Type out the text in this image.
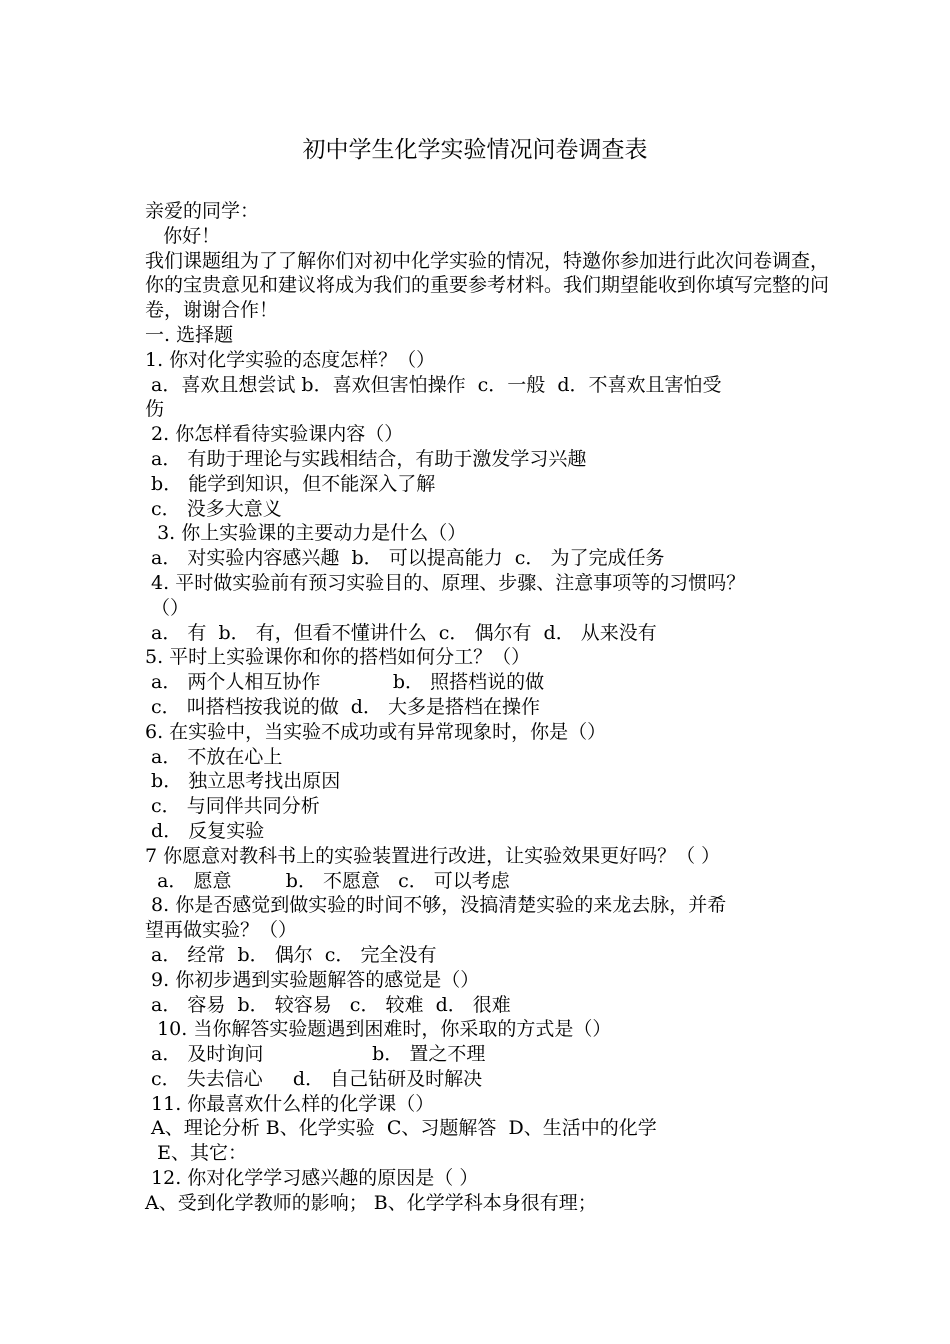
初中学生化学实验情况问卷调查表
亲爱的同学：
你好！
我们课题组为了了解你们对初中化学实验的情况，特邀你参加进行此次问卷调查，你的宝贵意见和建议将成为我们的重要参考材料。我们期望能收到你填写完整的问卷，谢谢合作！
一. 选择题
1. 你对化学实验的态度怎样？（）
a．喜欢且想尝试 b．喜欢但害怕操作  c．一般  d．不喜欢且害怕受
伤
2. 你怎样看待实验课内容（）
a． 有助于理论与实践相结合，有助于激发学习兴趣
b． 能学到知识，但不能深入了解
c． 没多大意义
3. 你上实验课的主要动力是什么（）
a． 对实验内容感兴趣  b． 可以提高能力  c． 为了完成任务
4. 平时做实验前有预习实验目的、原理、步骤、注意事项等的习惯吗？
（）
a． 有  b． 有，但看不懂讲什么  c． 偶尔有  d． 从来没有
5. 平时上实验课你和你的搭档如何分工？（）
a． 两个人相互协作            b． 照搭档说的做
c． 叫搭档按我说的做  d． 大多是搭档在操作
6. 在实验中，当实验不成功或有异常现象时，你是（）
a． 不放在心上
b． 独立思考找出原因
c． 与同伴共同分析
d． 反复实验
7 你愿意对教科书上的实验装置进行改进，让实验效果更好吗？（ ）
a． 愿意         b． 不愿意   c． 可以考虑
8. 你是否感觉到做实验的时间不够，没搞清楚实验的来龙去脉，并希
望再做实验？（）
a． 经常  b． 偶尔  c． 完全没有
9. 你初步遇到实验题解答的感觉是（）
a． 容易  b． 较容易   c． 较难  d． 很难
10. 当你解答实验题遇到困难时，你采取的方式是（）
a． 及时询问                  b． 置之不理
c． 失去信心     d． 自己钻研及时解决
11. 你最喜欢什么样的化学课（）
A、理论分析 B、化学实验  C、习题解答  D、生活中的化学
E、其它：
12. 你对化学学习感兴趣的原因是（ ）
A、受到化学教师的影响； B、化学学科本身很有理；
